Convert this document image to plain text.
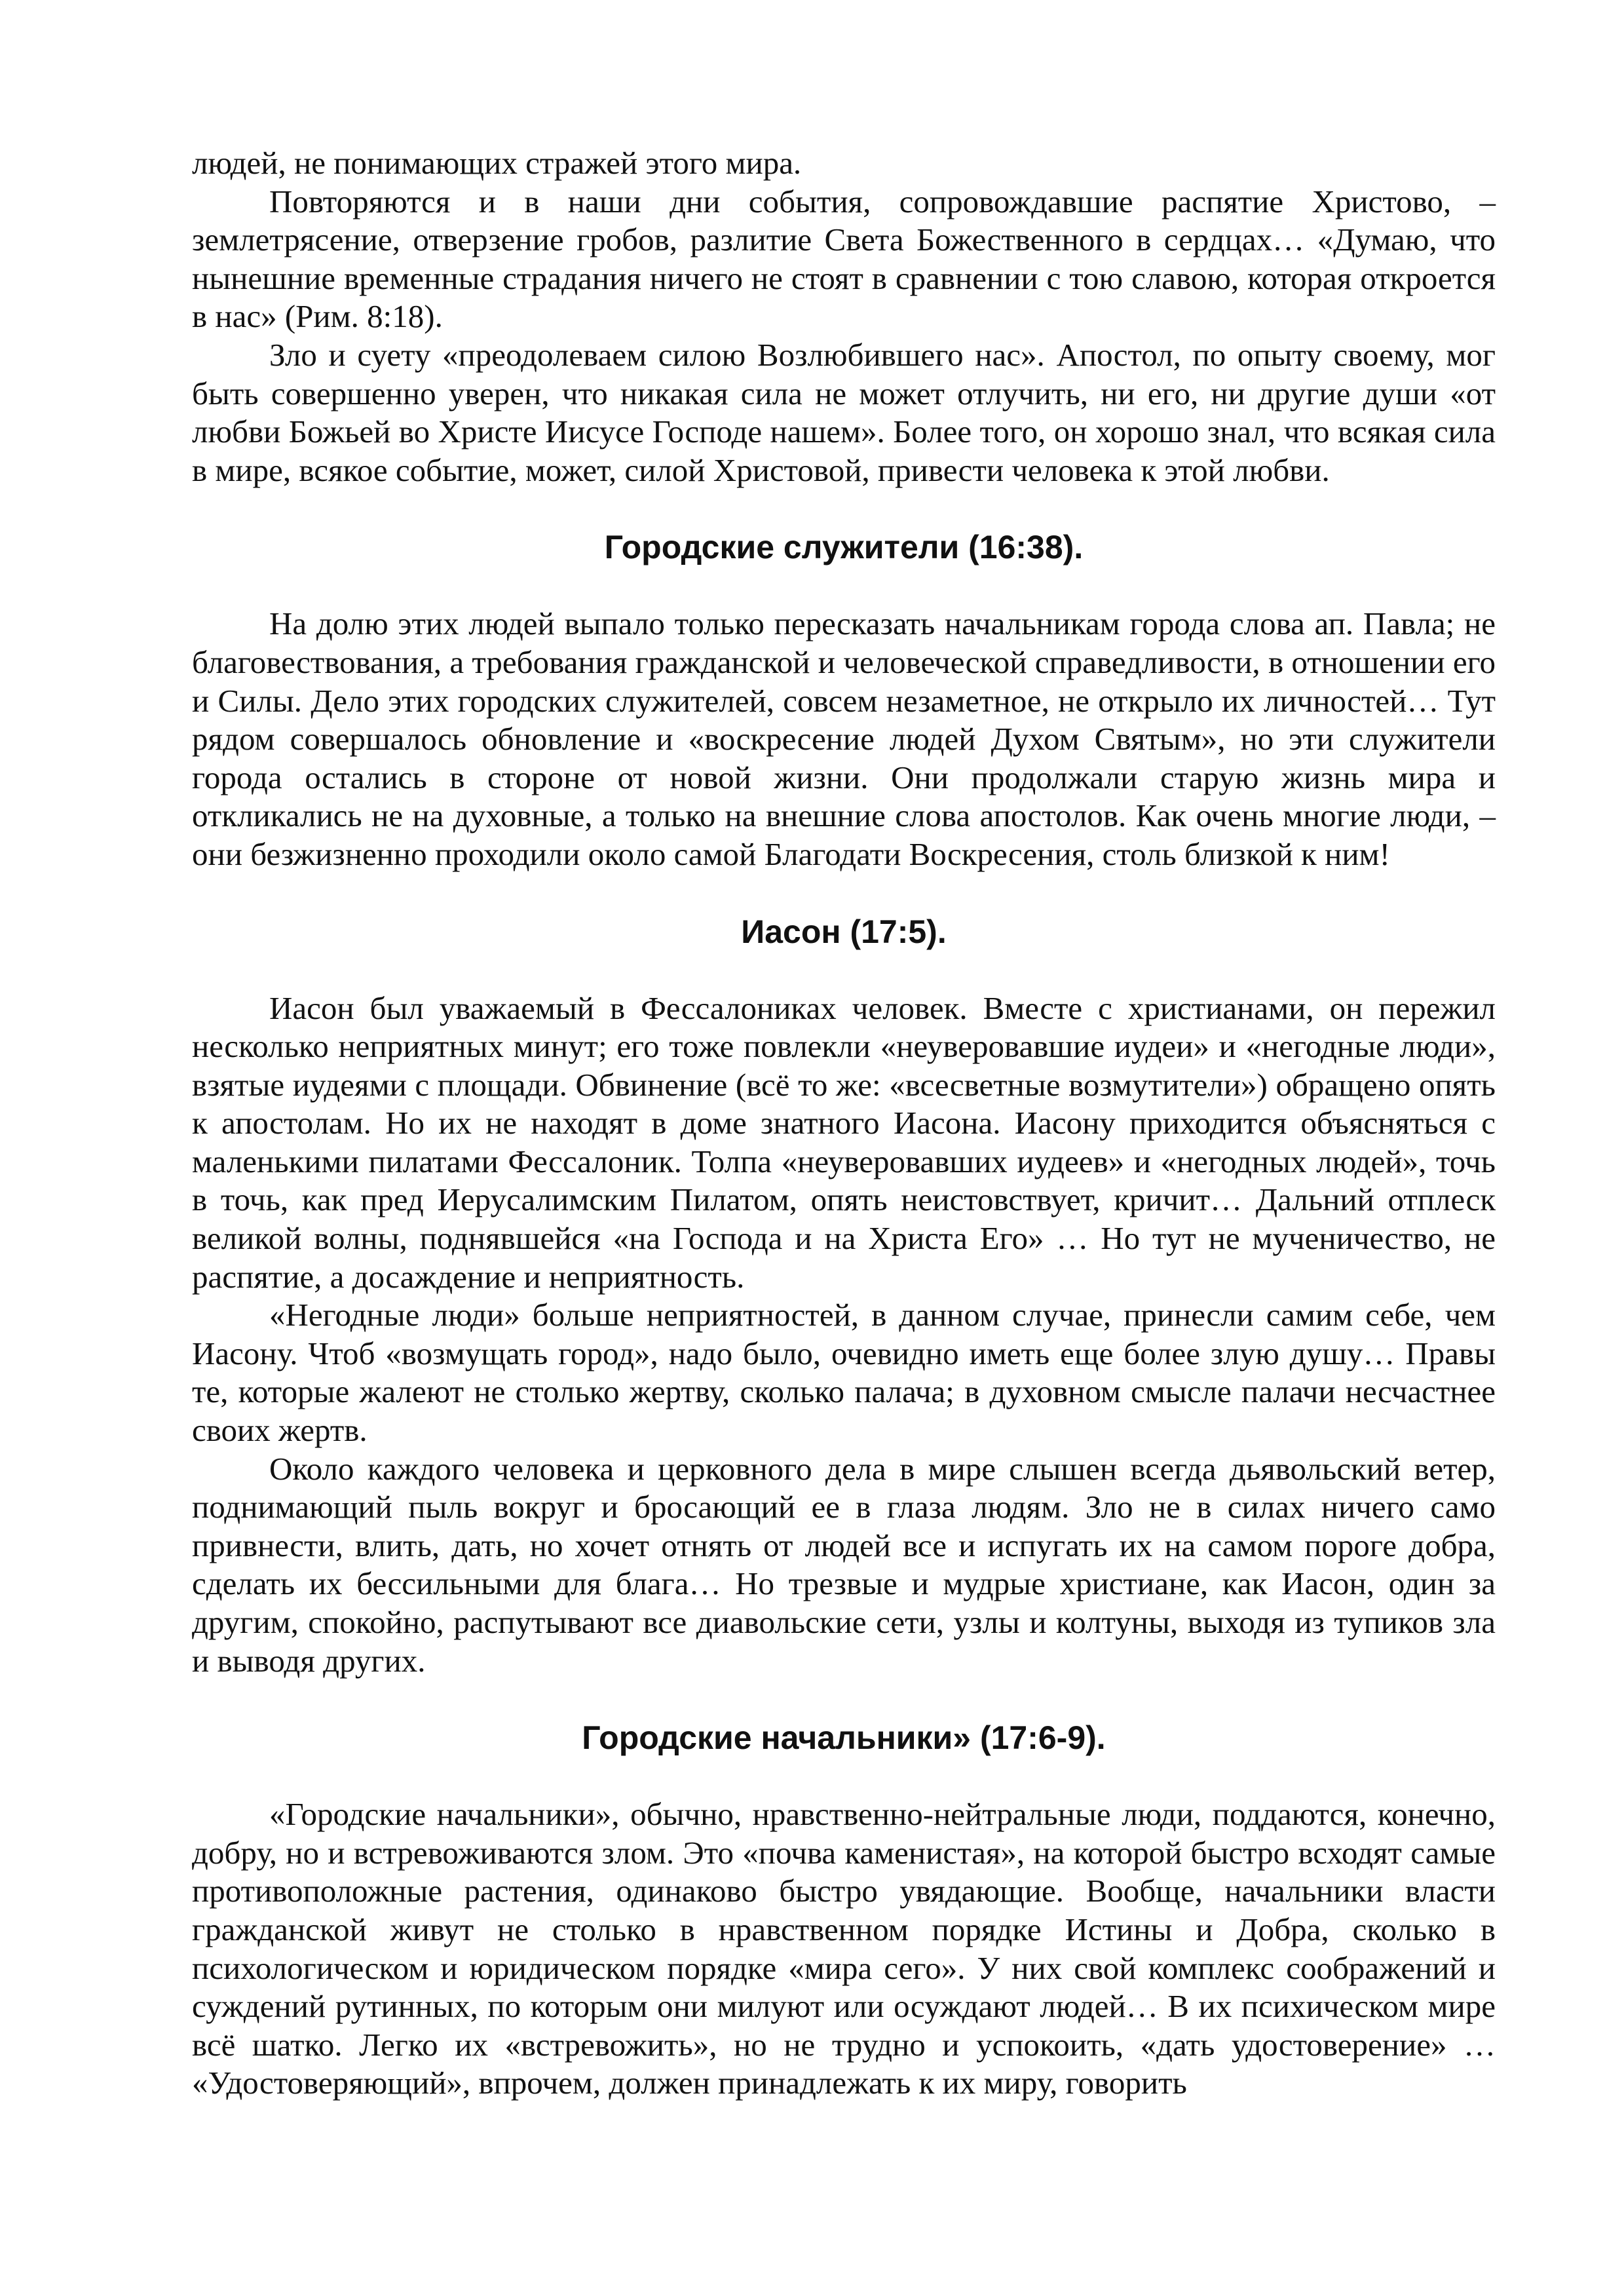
людей, не понимающих стражей этого мира.

Повторяются и в наши дни события, сопровождавшие распятие Христово, – землетрясение, отверзение гробов, разлитие Света Божественного в сердцах… «Думаю, что нынешние временные страдания ничего не стоят в сравнении с тою славою, которая откроется в нас» (Рим. 8:18).

Зло и суету «преодолеваем силою Возлюбившего нас». Апостол, по опыту своему, мог быть совершенно уверен, что никакая сила не может отлучить, ни его, ни другие души «от любви Божьей во Христе Иисусе Господе нашем». Более того, он хорошо знал, что всякая сила в мире, всякое событие, может, силой Христовой, привести человека к этой любви.

Городские служители (16:38).

На долю этих людей выпало только пересказать начальникам города слова ап. Павла; не благовествования, а требования гражданской и человеческой справедливости, в отношении его и Силы. Дело этих городских служителей, совсем незаметное, не открыло их личностей… Тут рядом совершалось обновление и «воскресение людей Духом Святым», но эти служители города остались в стороне от новой жизни. Они продолжали старую жизнь мира и откликались не на духовные, а только на внешние слова апостолов. Как очень многие люди, – они безжизненно проходили около самой Благодати Воскресения, столь близкой к ним!

Иасон (17:5).

Иасон был уважаемый в Фессалониках человек. Вместе с христианами, он пережил несколько неприятных минут; его тоже повлекли «неуверовавшие иудеи» и «негодные люди», взятые иудеями с площади. Обвинение (всё то же: «всесветные возмутители») обращено опять к апостолам. Но их не находят в доме знатного Иасона. Иасону приходится объясняться с маленькими пилатами Фессалоник. Толпа «неуверовавших иудеев» и «негодных людей», точь в точь, как пред Иерусалимским Пилатом, опять неистовствует, кричит… Дальний отплеск великой волны, поднявшейся «на Господа и на Христа Его» … Но тут не мученичество, не распятие, а досаждение и неприятность.

«Негодные люди» больше неприятностей, в данном случае, принесли самим себе, чем Иасону. Чтоб «возмущать город», надо было, очевидно иметь еще более злую душу… Правы те, которые жалеют не столько жертву, сколько палача; в духовном смысле палачи несчастнее своих жертв.

Около каждого человека и церковного дела в мире слышен всегда дьявольский ветер, поднимающий пыль вокруг и бросающий ее в глаза людям. Зло не в силах ничего само привнести, влить, дать, но хочет отнять от людей все и испугать их на самом пороге добра, сделать их бессильными для блага… Но трезвые и мудрые христиане, как Иасон, один за другим, спокойно, распутывают все диавольские сети, узлы и колтуны, выходя из тупиков зла и выводя других.

Городские начальники» (17:6-9).

«Городские начальники», обычно, нравственно-нейтральные люди, поддаются, конечно, добру, но и встревоживаются злом. Это «почва каменистая», на которой быстро всходят самые противоположные растения, одинаково быстро увядающие. Вообще, начальники власти гражданской живут не столько в нравственном порядке Истины и Добра, сколько в психологическом и юридическом порядке «мира сего». У них свой комплекс соображений и суждений рутинных, по которым они милуют или осуждают людей… В их психическом мире всё шатко. Легко их «встревожить», но не трудно и успокоить, «дать удостоверение» … «Удостоверяющий», впрочем, должен принадлежать к их миру, говорить
